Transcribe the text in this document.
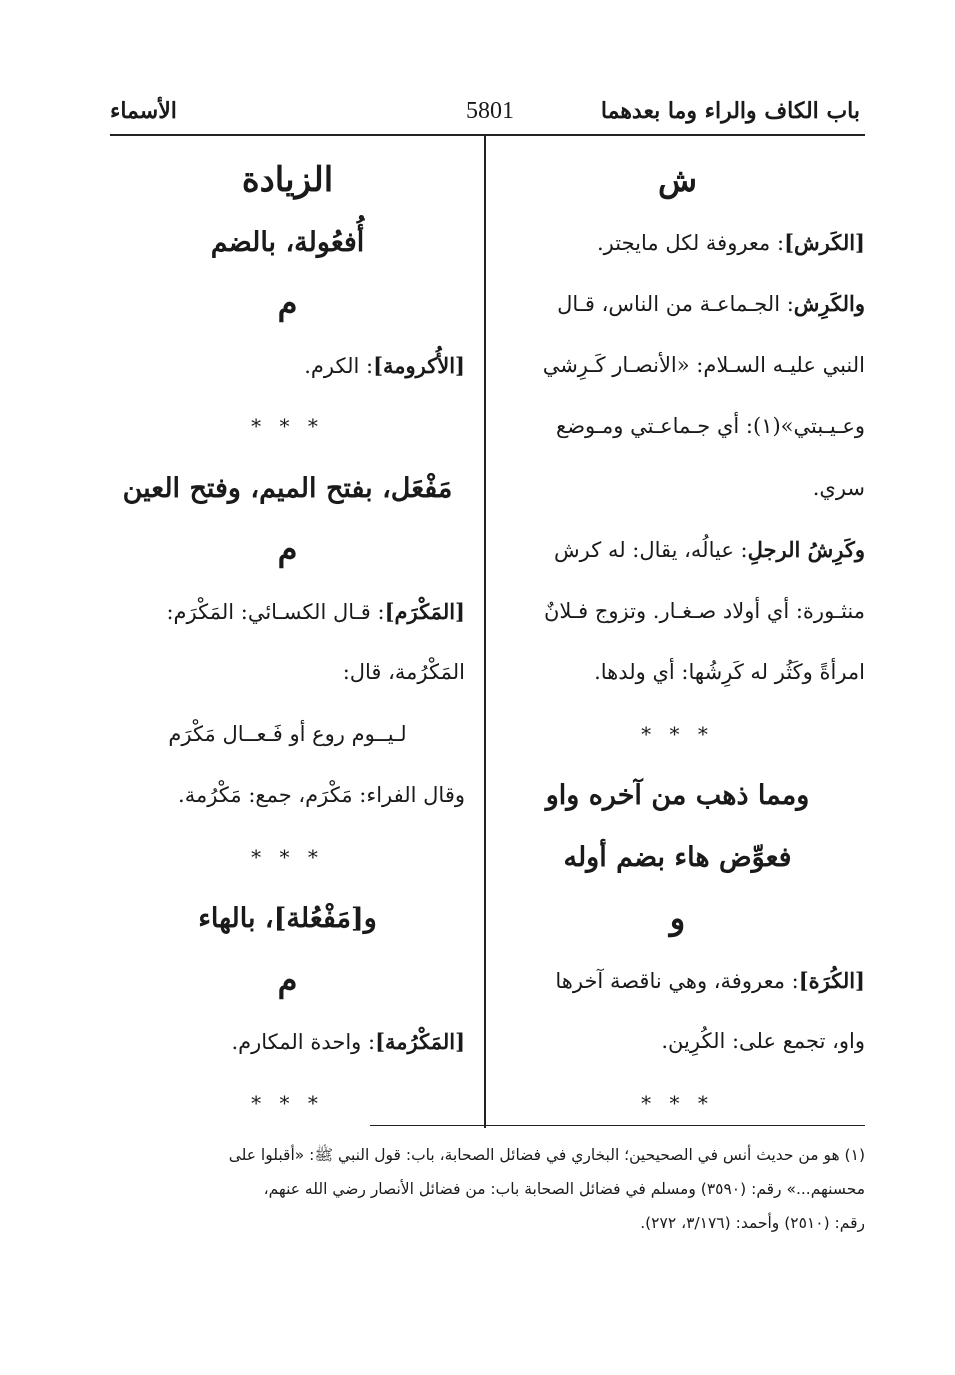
باب الكاف والراء وما بعدهما
5801
الأسماء
ش
[الكَرش]: معروفة لكل مايجتر.
والكَرِش: الجـماعـة من الناس، قـال
النبي عليـه السـلام: «الأنصـار كَـرِشي
وعـيـبتي»(١): أي جـماعـتي ومـوضع
سري.
وكَرِشُ الرجلِ: عيالُه، يقال: له كرش
منثـورة: أي أولاد صـغـار. وتزوج فـلانٌ
امرأةً وكَثُر له كَرِشُها: أي ولدها.
* * *
ومما ذهب من آخره واو
فعوِّض هاء بضم أوله
و
[الكُرَة]: معروفة، وهي ناقصة آخرها
واو، تجمع على: الكُرِين.
* * *
الزيادة
أُفعُولة، بالضم
م
[الأُكرومة]: الكرم.
* * *
مَفْعَل، بفتح الميم، وفتح العين
م
[المَكْرَم]: قـال الكسـائي: المَكْرَم:
المَكْرُمة، قال:
لـيــوم روع أو فَـعــال مَكْرَم
وقال الفراء: مَكْرَم، جمع: مَكْرُمة.
* * *
و[مَفْعُلة]، بالهاء
م
[المَكْرُمة]: واحدة المكارم.
* * *
(١) هو من حديث أنس في الصحيحين؛ البخاري في فضائل الصحابة، باب: قول النبي ﷺ: «أقبلوا على
محسنهم...» رقم: (٣٥٩٠) ومسلم في فضائل الصحابة باب: من فضائل الأنصار رضي الله عنهم،
رقم: (٢٥١٠) وأحمد: (٣/١٧٦، ٢٧٢).
